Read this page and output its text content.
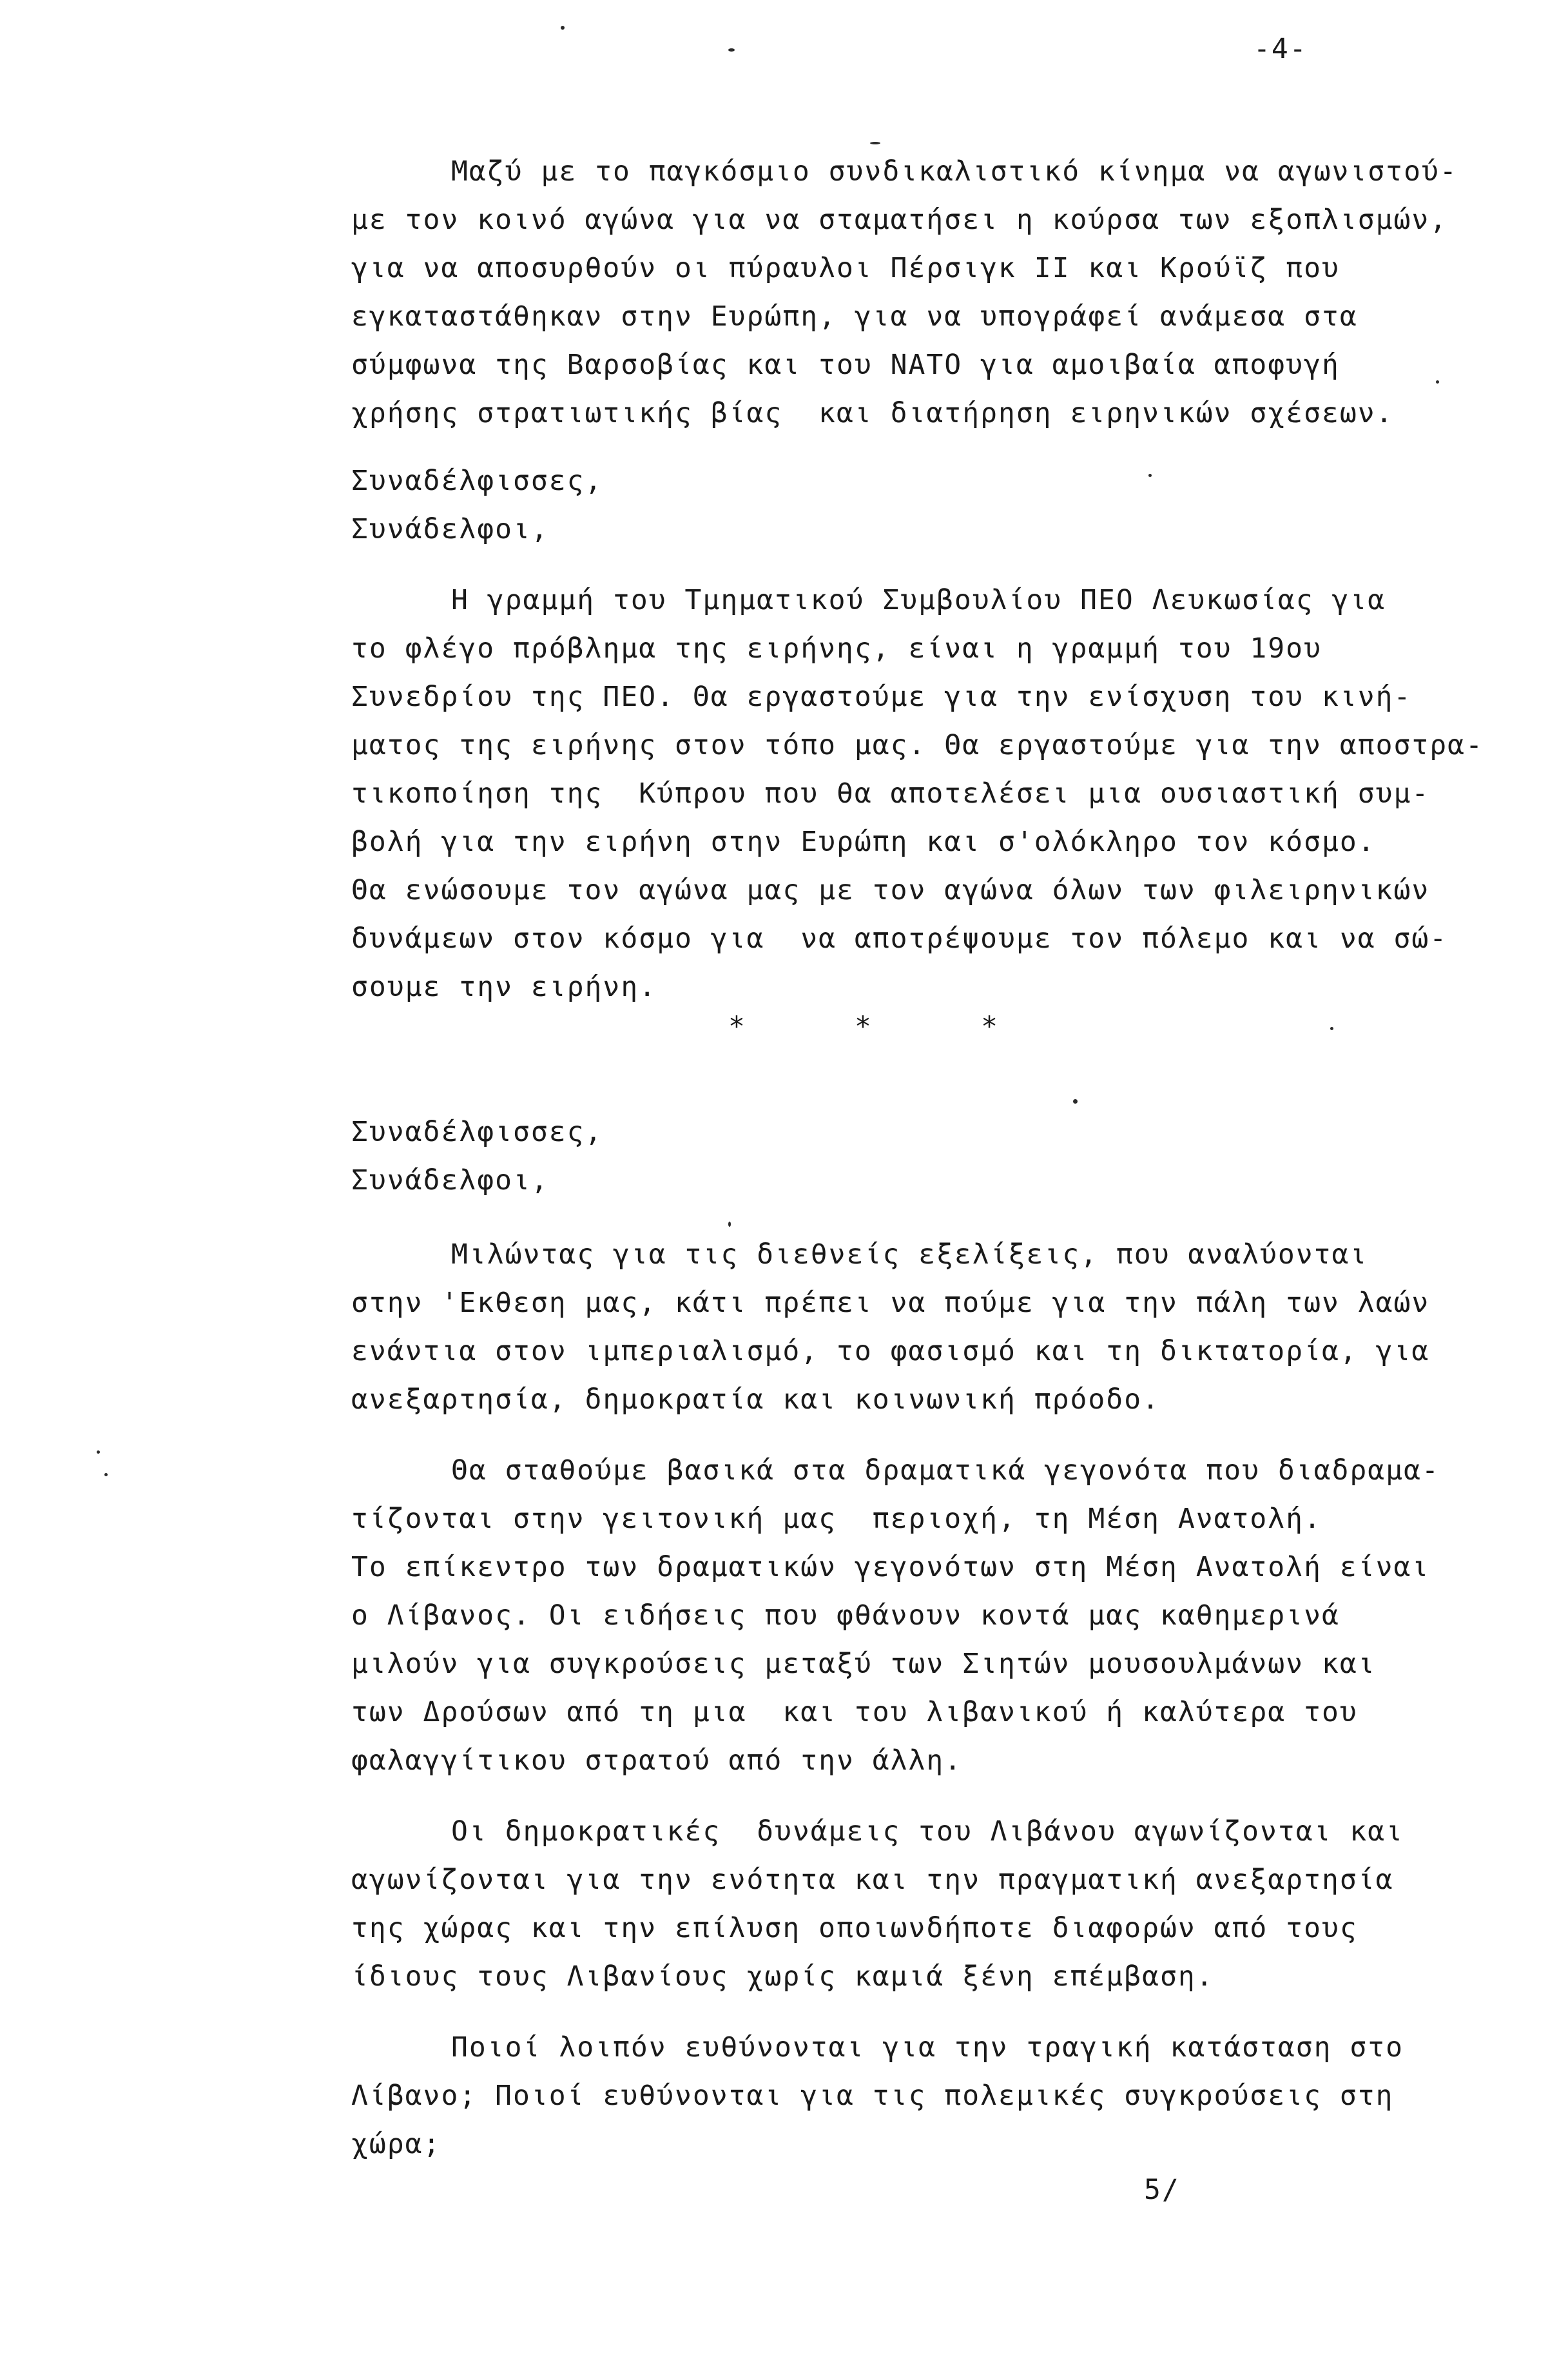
-4-
Μαζύ με το παγκόσμιο συνδικαλιστικό κίνημα να αγωνιστού-
με τον κοινό αγώνα για να σταματήσει η κούρσα των εξοπλισμών,
για να αποσυρθούν οι πύραυλοι Πέρσιγκ ΙΙ και Κρούϊζ που
εγκαταστάθηκαν στην Ευρώπη, για να υπογράφεί ανάμεσα στα
σύμφωνα της Βαρσοβίας και του ΝΑΤΟ για αμοιβαία αποφυγή
χρήσης στρατιωτικής βίας  και διατήρηση ειρηνικών σχέσεων.
Συναδέλφισσες,
Συνάδελφοι,
Η γραμμή του Τμηματικού Συμβουλίου ΠΕΟ Λευκωσίας για
το φλέγο πρόβλημα της ειρήνης, είναι η γραμμή του 19ου
Συνεδρίου της ΠΕΟ. Θα εργαστούμε για την ενίσχυση του κινή-
ματος της ειρήνης στον τόπο μας. Θα εργαστούμε για την αποστρα-
τικοποίηση της  Κύπρου που θα αποτελέσει μια ουσιαστική συμ-
βολή για την ειρήνη στην Ευρώπη και σ'ολόκληρο τον κόσμο.
Θα ενώσουμε τον αγώνα μας με τον αγώνα όλων των φιλειρηνικών
δυνάμεων στον κόσμο για  να αποτρέψουμε τον πόλεμο και να σώ-
σουμε την ειρήνη.
*	*	*
Συναδέλφισσες,
Συνάδελφοι,
Μιλώντας για τις διεθνείς εξελίξεις, που αναλύονται
στην 'Εκθεση μας, κάτι πρέπει να πούμε για την πάλη των λαών
ενάντια στον ιμπεριαλισμό, το φασισμό και τη δικτατορία, για
ανεξαρτησία, δημοκρατία και κοινωνική πρόοδο.
Θα σταθούμε βασικά στα δραματικά γεγονότα που διαδραμα-
τίζονται στην γειτονική μας  περιοχή, τη Μέση Ανατολή.
Το επίκεντρο των δραματικών γεγονότων στη Μέση Ανατολή είναι
ο Λίβανος. Οι ειδήσεις που φθάνουν κοντά μας καθημερινά
μιλούν για συγκρούσεις μεταξύ των Σιητών μουσουλμάνων και
των Δρούσων από τη μια  και του λιβανικού ή καλύτερα του
φαλαγγίτικου στρατού από την άλλη.
Οι δημοκρατικές  δυνάμεις του Λιβάνου αγωνίζονται και
αγωνίζονται για την ενότητα και την πραγματική ανεξαρτησία
της χώρας και την επίλυση οποιωνδήποτε διαφορών από τους
ίδιους τους Λιβανίους χωρίς καμιά ξένη επέμβαση.
Ποιοί λοιπόν ευθύνονται για την τραγική κατάσταση στο
Λίβανο; Ποιοί ευθύνονται για τις πολεμικές συγκρούσεις στη
χώρα;
5/
